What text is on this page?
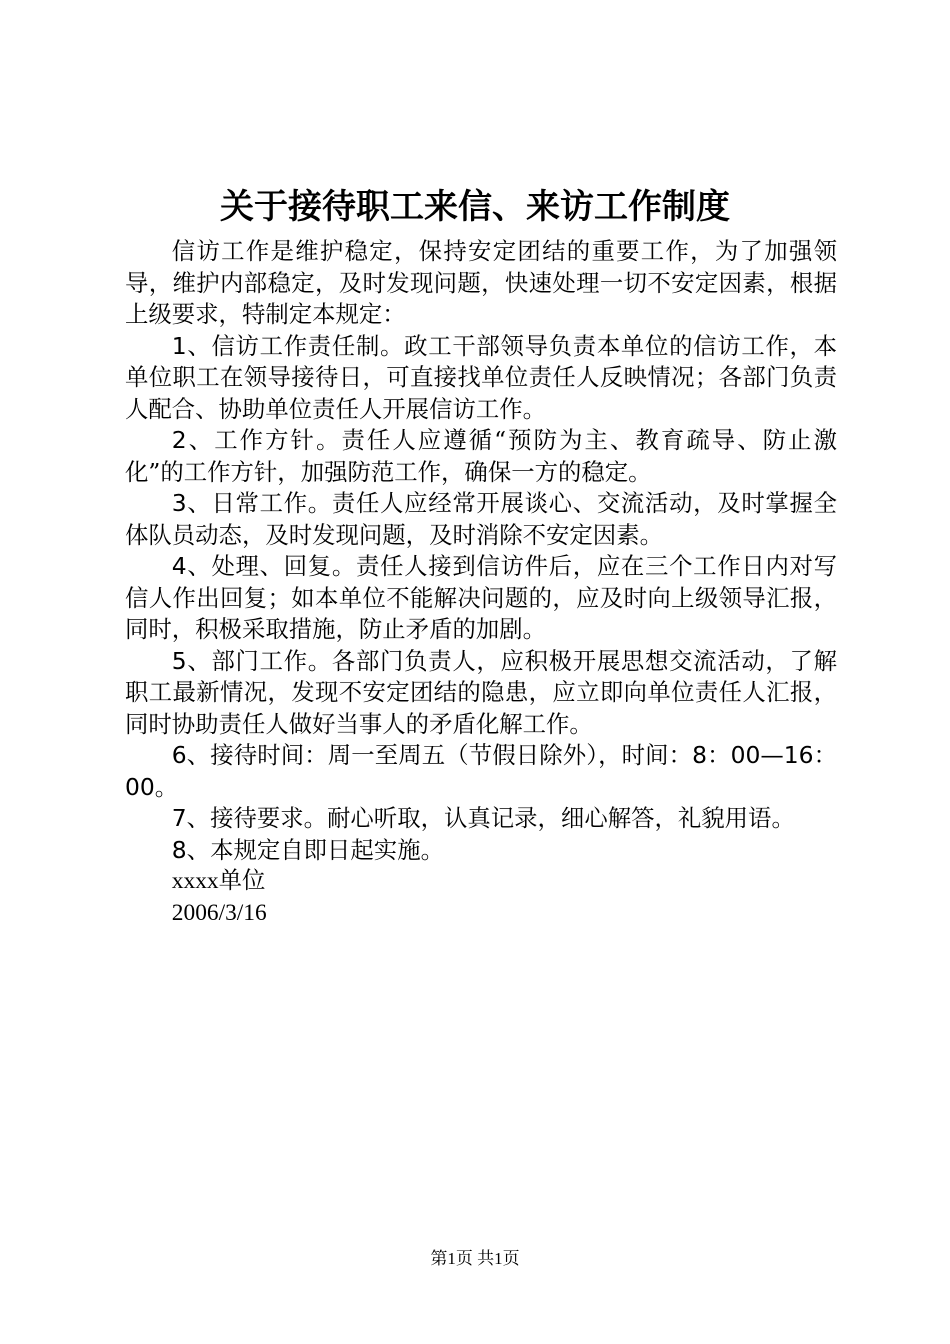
关于接待职工来信、来访工作制度

信访工作是维护稳定，保持安定团结的重要工作，为了加强领导，维护内部稳定，及时发现问题，快速处理一切不安定因素，根据上级要求，特制定本规定：

1、信访工作责任制。政工干部领导负责本单位的信访工作，本单位职工在领导接待日，可直接找单位责任人反映情况；各部门负责人配合、协助单位责任人开展信访工作。

2、工作方针。责任人应遵循“预防为主、教育疏导、防止激化”的工作方针，加强防范工作，确保一方的稳定。

3、日常工作。责任人应经常开展谈心、交流活动，及时掌握全体队员动态，及时发现问题，及时消除不安定因素。

4、处理、回复。责任人接到信访件后，应在三个工作日内对写信人作出回复；如本单位不能解决问题的，应及时向上级领导汇报，同时，积极采取措施，防止矛盾的加剧。

5、部门工作。各部门负责人，应积极开展思想交流活动，了解职工最新情况，发现不安定团结的隐患，应立即向单位责任人汇报，同时协助责任人做好当事人的矛盾化解工作。

6、接待时间：周一至周五（节假日除外），时间：8：00—16：00。

7、接待要求。耐心听取，认真记录，细心解答，礼貌用语。

8、本规定自即日起实施。

xxxx单位

2006/3/16

第1页 共1页
